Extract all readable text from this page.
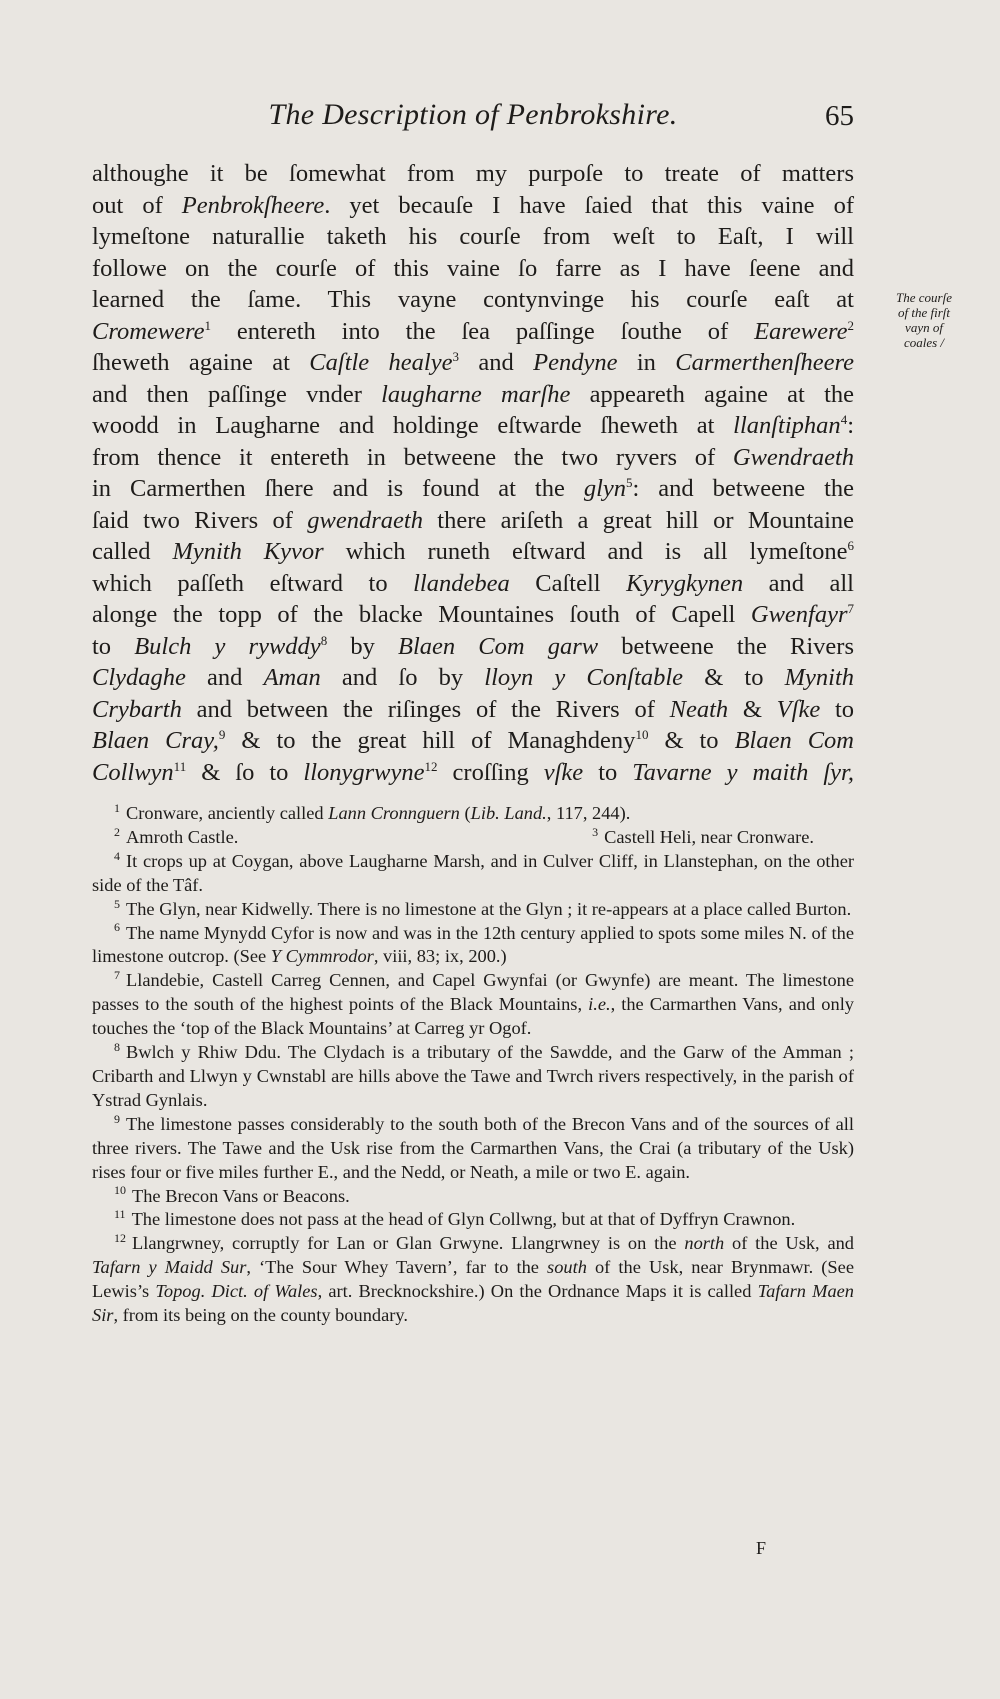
The Description of Penbrokshire.	65
The courſe
of the firſt
vayn of
coales /

althoughe it be ſomewhat from my purpoſe to treate of matters

out of Penbrokſheere. yet becauſe I have ſaied that this vaine of

lymeſtone naturallie taketh his courſe from weſt to Eaſt, I will

followe on the courſe of this vaine ſo farre as I have ſeene and

learned the ſame. This vayne contynvinge his courſe eaſt at

Cromewere$^1$ entereth into the ſea paſſinge ſouthe of Earewere$^2$

ſheweth againe at Caſtle healye$^3$ and Pendyne in Carmerthenſheere

and then paſſinge vnder laugharne marſhe appeareth againe at the

woodd in Laugharne and holdinge eſtwarde ſheweth at llanſtiphan$^4$:

from thence it entereth in betweene the two ryvers of Gwendraeth

in Carmerthen ſhere and is found at the glyn$^5$: and betweene the

ſaid two Rivers of gwendraeth there ariſeth a great hill or Mountaine

called Mynith Kyvor which runeth eſtward and is all lymeſtone$^6$

which paſſeth eſtward to llandebea Caſtell Kyrygkynen and all

alonge the topp of the blacke Mountaines ſouth of Capell Gwenfayr$^7$

to Bulch y rywddy$^8$ by Blaen Com garw betweene the Rivers

Clydaghe and Aman and ſo by lloyn y Conſtable & to Mynith

Crybarth and between the riſinges of the Rivers of Neath & Vſke to

Blaen Cray,$^9$ & to the great hill of Managhdeny$^{10}$ & to Blaen Com

Collwyn$^{11}$ & ſo to llonygrwyne$^{12}$ croſſing vſke to Tavarne y maith ſyr,

$^1$ Cronware, anciently called Lann Cronnguern (Lib. Land., 117, 244).

$^2$ Amroth Castle.	$^3$ Castell Heli, near Cronware.

$^4$ It crops up at Coygan, above Laugharne Marsh, and in Culver Cliff, in Llanstephan, on the other side of the Tâf.

$^5$ The Glyn, near Kidwelly. There is no limestone at the Glyn ; it re-appears at a place called Burton.

$^6$ The name Mynydd Cyfor is now and was in the 12th century applied to spots some miles N. of the limestone outcrop. (See Y Cymmrodor, viii, 83; ix, 200.)

$^7$ Llandebie, Castell Carreg Cennen, and Capel Gwynfai (or Gwynfe) are meant. The limestone passes to the south of the highest points of the Black Mountains, i.e., the Carmarthen Vans, and only touches the ‘top of the Black Mountains’ at Carreg yr Ogof.

$^8$ Bwlch y Rhiw Ddu. The Clydach is a tributary of the Sawdde, and the Garw of the Amman ; Cribarth and Llwyn y Cwnstabl are hills above the Tawe and Twrch rivers respectively, in the parish of Ystrad Gynlais.

$^9$ The limestone passes considerably to the south both of the Brecon Vans and of the sources of all three rivers. The Tawe and the Usk rise from the Carmarthen Vans, the Crai (a tributary of the Usk) rises four or five miles further E., and the Nedd, or Neath, a mile or two E. again.

$^{10}$ The Brecon Vans or Beacons.

$^{11}$ The limestone does not pass at the head of Glyn Collwng, but at that of Dyffryn Crawnon.

$^{12}$ Llangrwney, corruptly for Lan or Glan Grwyne. Llangrwney is on the north of the Usk, and Tafarn y Maidd Sur, ‘The Sour Whey Tavern’, far to the south of the Usk, near Brynmawr. (See Lewis’s Topog. Dict. of Wales, art. Brecknockshire.) On the Ordnance Maps it is called Tafarn Maen Sir, from its being on the county boundary.

F
